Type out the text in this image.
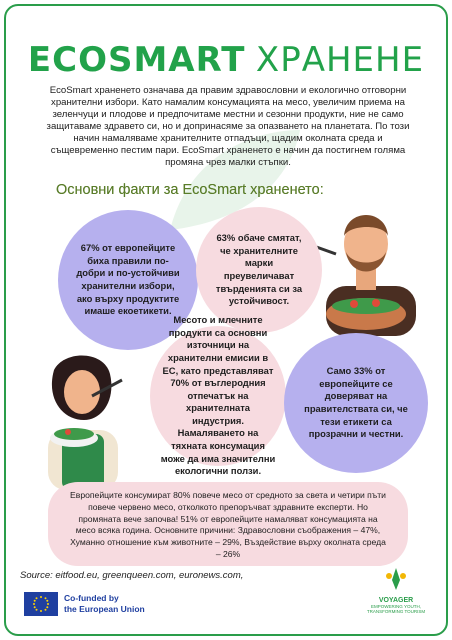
ECOSMART ХРАНЕНЕ
EcoSmart храненето означава да правим здравословни и екологично отговорни хранителни избори. Като намалим консумацията на месо, увеличим приема на зеленчуци и плодове и предпочитаме местни и сезонни продукти, ние не само защитаваме здравето си, но и допринасяме за опазването на планетата. По този начин намаляваме хранителните отпадъци, щадим околната среда и същевременно пестим пари. EcoSmart храненето е начин да постигнем голяма промяна чрез малки стъпки.
Основни факти за EcoSmart храненето:
67% от европейците биха правили по-добри и по-устойчиви хранителни избори, ако върху продуктите имаше екоетикети.
63% обаче смятат, че хранителните марки преувеличават твърденията си за устойчивост.
Месото и млечните продукти са основни източници на хранителни емисии в ЕС, като представляват 70% от въглеродния отпечатък на хранителната индустрия. Намаляването на тяхната консумация може да има значителни екологични ползи.
Само 33% от европейците се доверяват на правителствата си, че тези етикети са прозрачни и честни.
Европейците консумират 80% повече месо от средното за света и четири пъти повече червено месо, отколкото препоръчват здравните експерти. Но промяната вече започва! 51% от европейците намаляват консумацията на месо всяка година. Основните причини: Здравословни съображения – 47%, Хуманно отношение към животните – 29%, Въздействие върху околната среда – 26%
Source: eitfood.eu, greenqueen.com, euronews.com,
Co-funded by
the European Union
VOYAGER
EMPOWERING YOUTH, TRANSFORMING TOURISM
